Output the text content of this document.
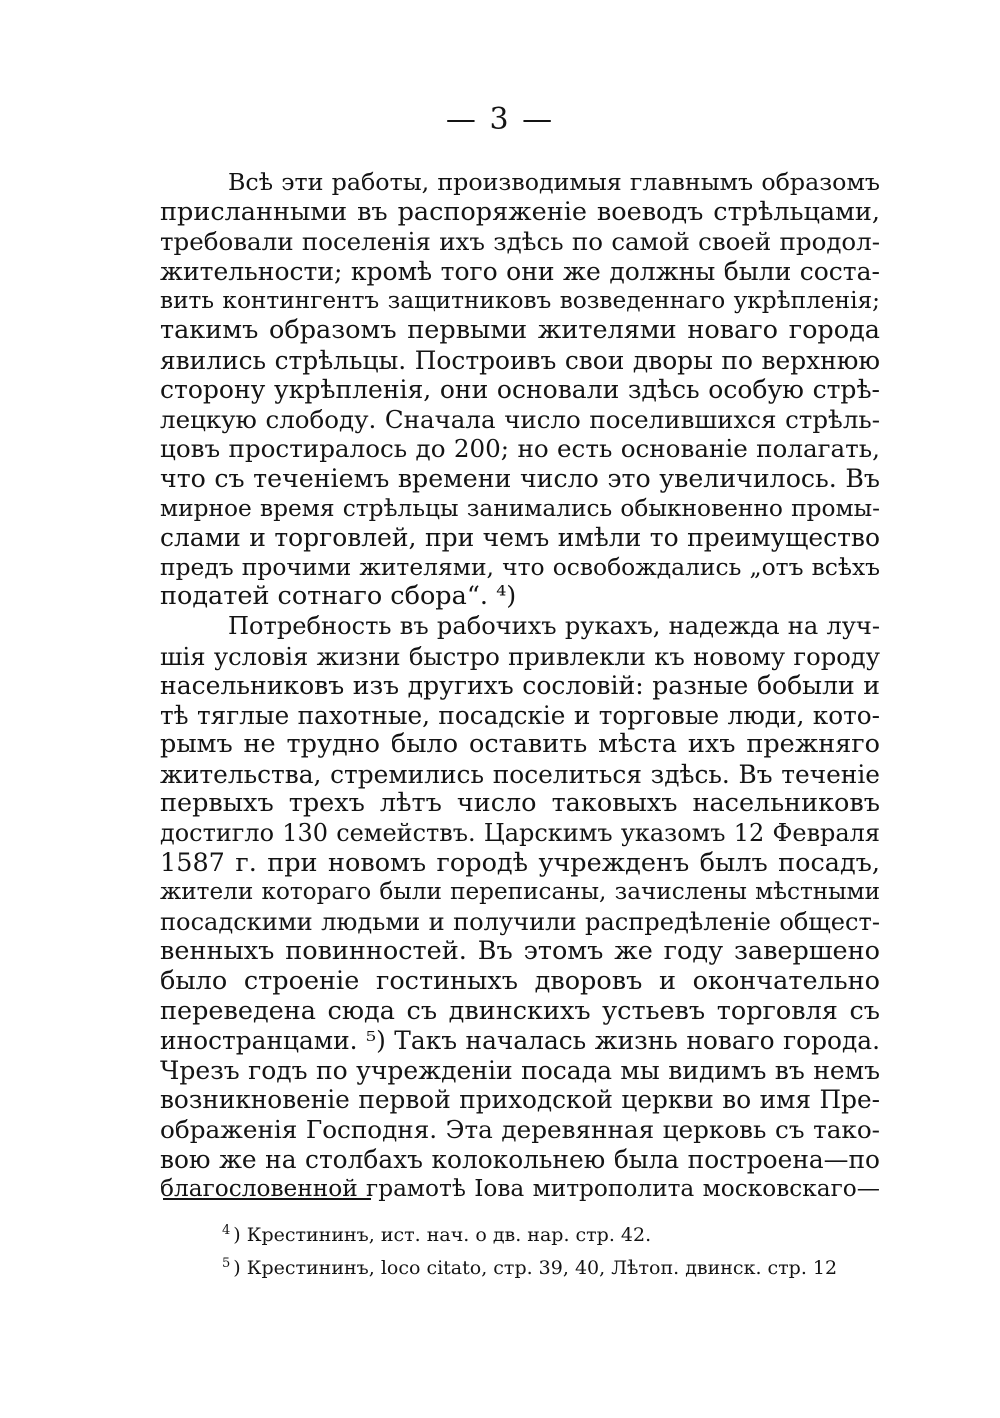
— 3 —
Всѣ эти работы, производимыя главнымъ образомъ
присланными въ распоряженіе воеводъ стрѣльцами,
требовали поселенія ихъ здѣсь по самой своей продол-
жительности; кромѣ того они же должны были соста-
вить контингентъ защитниковъ возведеннаго укрѣпленія;
такимъ образомъ первыми жителями новаго города
явились стрѣльцы. Построивъ свои дворы по верхнюю
сторону укрѣпленія, они основали здѣсь особую стрѣ-
лецкую слободу. Сначала число поселившихся стрѣль-
цовъ простиралось до 200; но есть основаніе полагать,
что съ теченіемъ времени число это увеличилось. Въ
мирное время стрѣльцы занимались обыкновенно промы-
слами и торговлей, при чемъ имѣли то преимущество
предъ прочими жителями, что освобождались „отъ всѣхъ
податей сотнаго сбора“. ⁴)
Потребность въ рабочихъ рукахъ, надежда на луч-
шія условія жизни быстро привлекли къ новому городу
насельниковъ изъ другихъ сословій: разные бобыли и
тѣ тяглые пахотные, посадскіе и торговые люди, кото-
рымъ не трудно было оставить мѣста ихъ прежняго
жительства, стремились поселиться здѣсь. Въ теченіе
первыхъ трехъ лѣтъ число таковыхъ насельниковъ
достигло 130 семействъ. Царскимъ указомъ 12 Февраля
1587 г. при новомъ городѣ учрежденъ былъ посадъ,
жители котораго были переписаны, зачислены мѣстными
посадскими людьми и получили распредѣленіе общест-
венныхъ повинностей. Въ этомъ же году завершено
было строеніе гостиныхъ дворовъ и окончательно
переведена сюда съ двинскихъ устьевъ торговля съ
иностранцами. ⁵) Такъ началась жизнь новаго города.
Чрезъ годъ по учрежденіи посада мы видимъ въ немъ
возникновеніе первой приходской церкви во имя Пре-
ображенія Господня. Эта деревянная церковь съ тако-
вою же на столбахъ колокольнею была построена—по
благословенной грамотѣ Іова митрополита московскаго—
$^4$ ) Крестининъ, ист. нач. о дв. нар. стр. 42.
$^5$ ) Крестининъ, loco citato, стр. 39, 40, Лѣтоп. двинск. стр. 12
